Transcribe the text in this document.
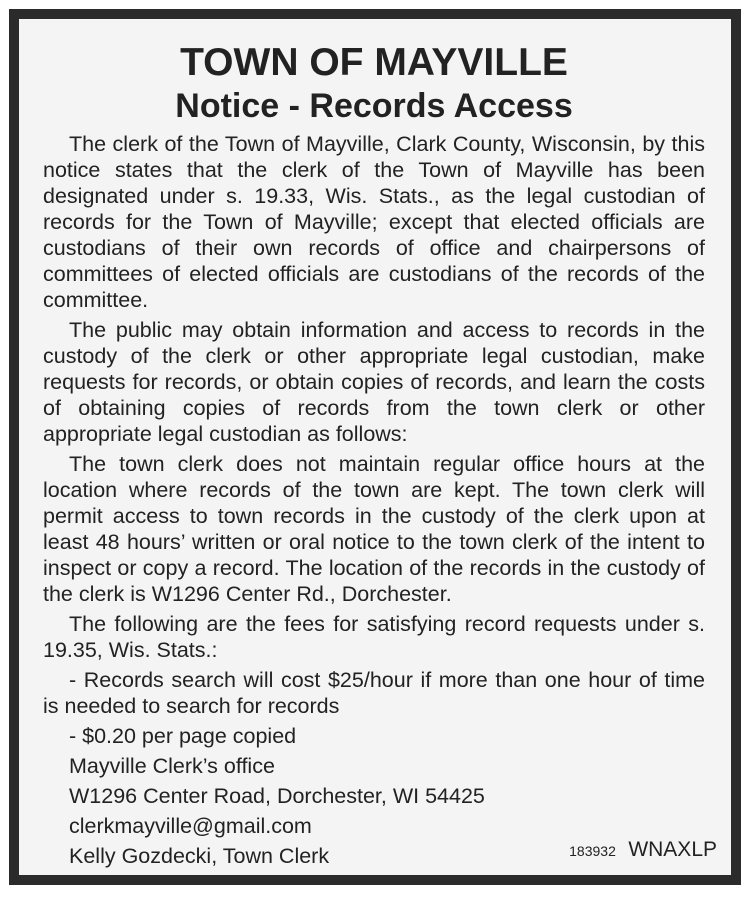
TOWN OF MAYVILLE
Notice - Records Access

The clerk of the Town of Mayville, Clark County, Wisconsin, by this notice states that the clerk of the Town of Mayville has been designated under s. 19.33, Wis. Stats., as the legal custodian of records for the Town of Mayville; except that elected officials are custodians of their own records of office and chairpersons of committees of elected officials are custodians of the records of the committee.

The public may obtain information and access to records in the custody of the clerk or other appropriate legal custodian, make requests for records, or obtain copies of records, and learn the costs of obtaining copies of records from the town clerk or other appropriate legal custodian as follows:

The town clerk does not maintain regular office hours at the location where records of the town are kept. The town clerk will permit access to town records in the custody of the clerk upon at least 48 hours’ written or oral notice to the town clerk of the intent to inspect or copy a record. The location of the records in the custody of the clerk is W1296 Center Rd., Dorchester.

The following are the fees for satisfying record requests under s. 19.35, Wis. Stats.:

- Records search will cost $25/hour if more than one hour of time is needed to search for records

- $0.20 per page copied

Mayville Clerk’s office

W1296 Center Road, Dorchester, WI 54425

clerkmayville@gmail.com

Kelly Gozdecki, Town Clerk	183932 WNAXLP
